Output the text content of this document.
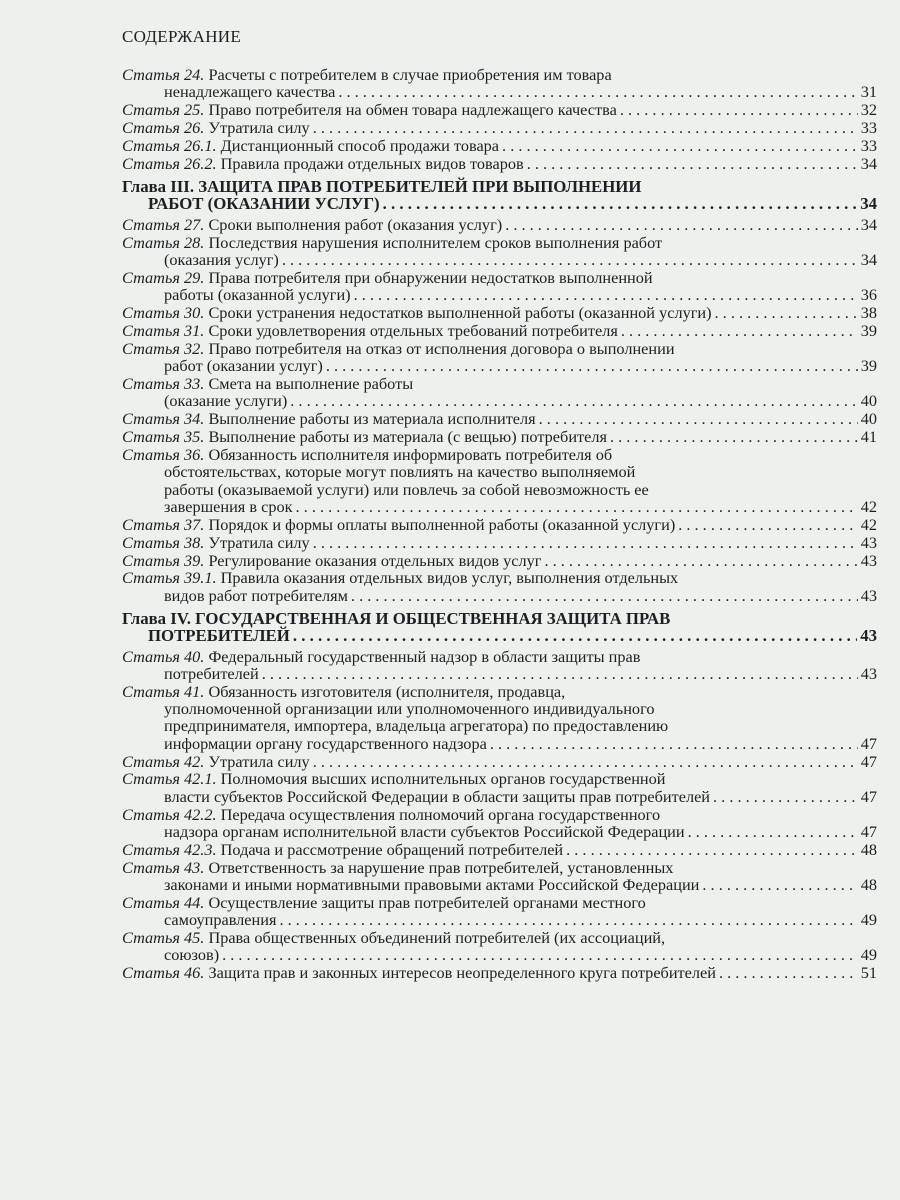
СОДЕРЖАНИЕ
Статья 24. Расчеты с потребителем в случае приобретения им товара
ненадлежащего качества . . .	31
Статья 25. Право потребителя на обмен товара надлежащего качества . . .	32
Статья 26. Утратила силу . . .	33
Статья 26.1. Дистанционный способ продажи товара . . .	33
Статья 26.2. Правила продажи отдельных видов товаров . . .	34
Глава III. ЗАЩИТА ПРАВ ПОТРЕБИТЕЛЕЙ ПРИ ВЫПОЛНЕНИИ
РАБОТ (ОКАЗАНИИ УСЛУГ) . . .	34
Статья 27. Сроки выполнения работ (оказания услуг) . . .	34
Статья 28. Последствия нарушения исполнителем сроков выполнения работ
(оказания услуг) . . .	34
Статья 29. Права потребителя при обнаружении недостатков выполненной
работы (оказанной услуги) . . .	36
Статья 30. Сроки устранения недостатков выполненной работы (оказанной услуги) . . .	38
Статья 31. Сроки удовлетворения отдельных требований потребителя . . .	39
Статья 32. Право потребителя на отказ от исполнения договора о выполнении
работ (оказании услуг) . . .	39
Статья 33. Смета на выполнение работы
(оказание услуги) . . .	40
Статья 34. Выполнение работы из материала исполнителя . . .	40
Статья 35. Выполнение работы из материала (с вещью) потребителя . . .	41
Статья 36. Обязанность исполнителя информировать потребителя об
обстоятельствах, которые могут повлиять на качество выполняемой
работы (оказываемой услуги) или повлечь за собой невозможность ее
завершения в срок . . .	42
Статья 37. Порядок и формы оплаты выполненной работы (оказанной услуги) . . .	42
Статья 38. Утратила силу . . .	43
Статья 39. Регулирование оказания отдельных видов услуг . . .	43
Статья 39.1. Правила оказания отдельных видов услуг, выполнения отдельных
видов работ потребителям . . .	43
Глава IV. ГОСУДАРСТВЕННАЯ И ОБЩЕСТВЕННАЯ ЗАЩИТА ПРАВ
ПОТРЕБИТЕЛЕЙ . . .	43
Статья 40. Федеральный государственный надзор в области защиты прав
потребителей . . .	43
Статья 41. Обязанность изготовителя (исполнителя, продавца,
уполномоченной организации или уполномоченного индивидуального
предпринимателя, импортера, владельца агрегатора) по предоставлению
информации органу государственного надзора . . .	47
Статья 42. Утратила силу . . .	47
Статья 42.1. Полномочия высших исполнительных органов государственной
власти субъектов Российской Федерации в области защиты прав потребителей . . .	47
Статья 42.2. Передача осуществления полномочий органа государственного
надзора органам исполнительной власти субъектов Российской Федерации . . .	47
Статья 42.3. Подача и рассмотрение обращений потребителей . . .	48
Статья 43. Ответственность за нарушение прав потребителей, установленных
законами и иными нормативными правовыми актами Российской Федерации . . .	48
Статья 44. Осуществление защиты прав потребителей органами местного
самоуправления . . .	49
Статья 45. Права общественных объединений потребителей (их ассоциаций,
союзов) . . .	49
Статья 46. Защита прав и законных интересов неопределенного круга потребителей . . .	51
